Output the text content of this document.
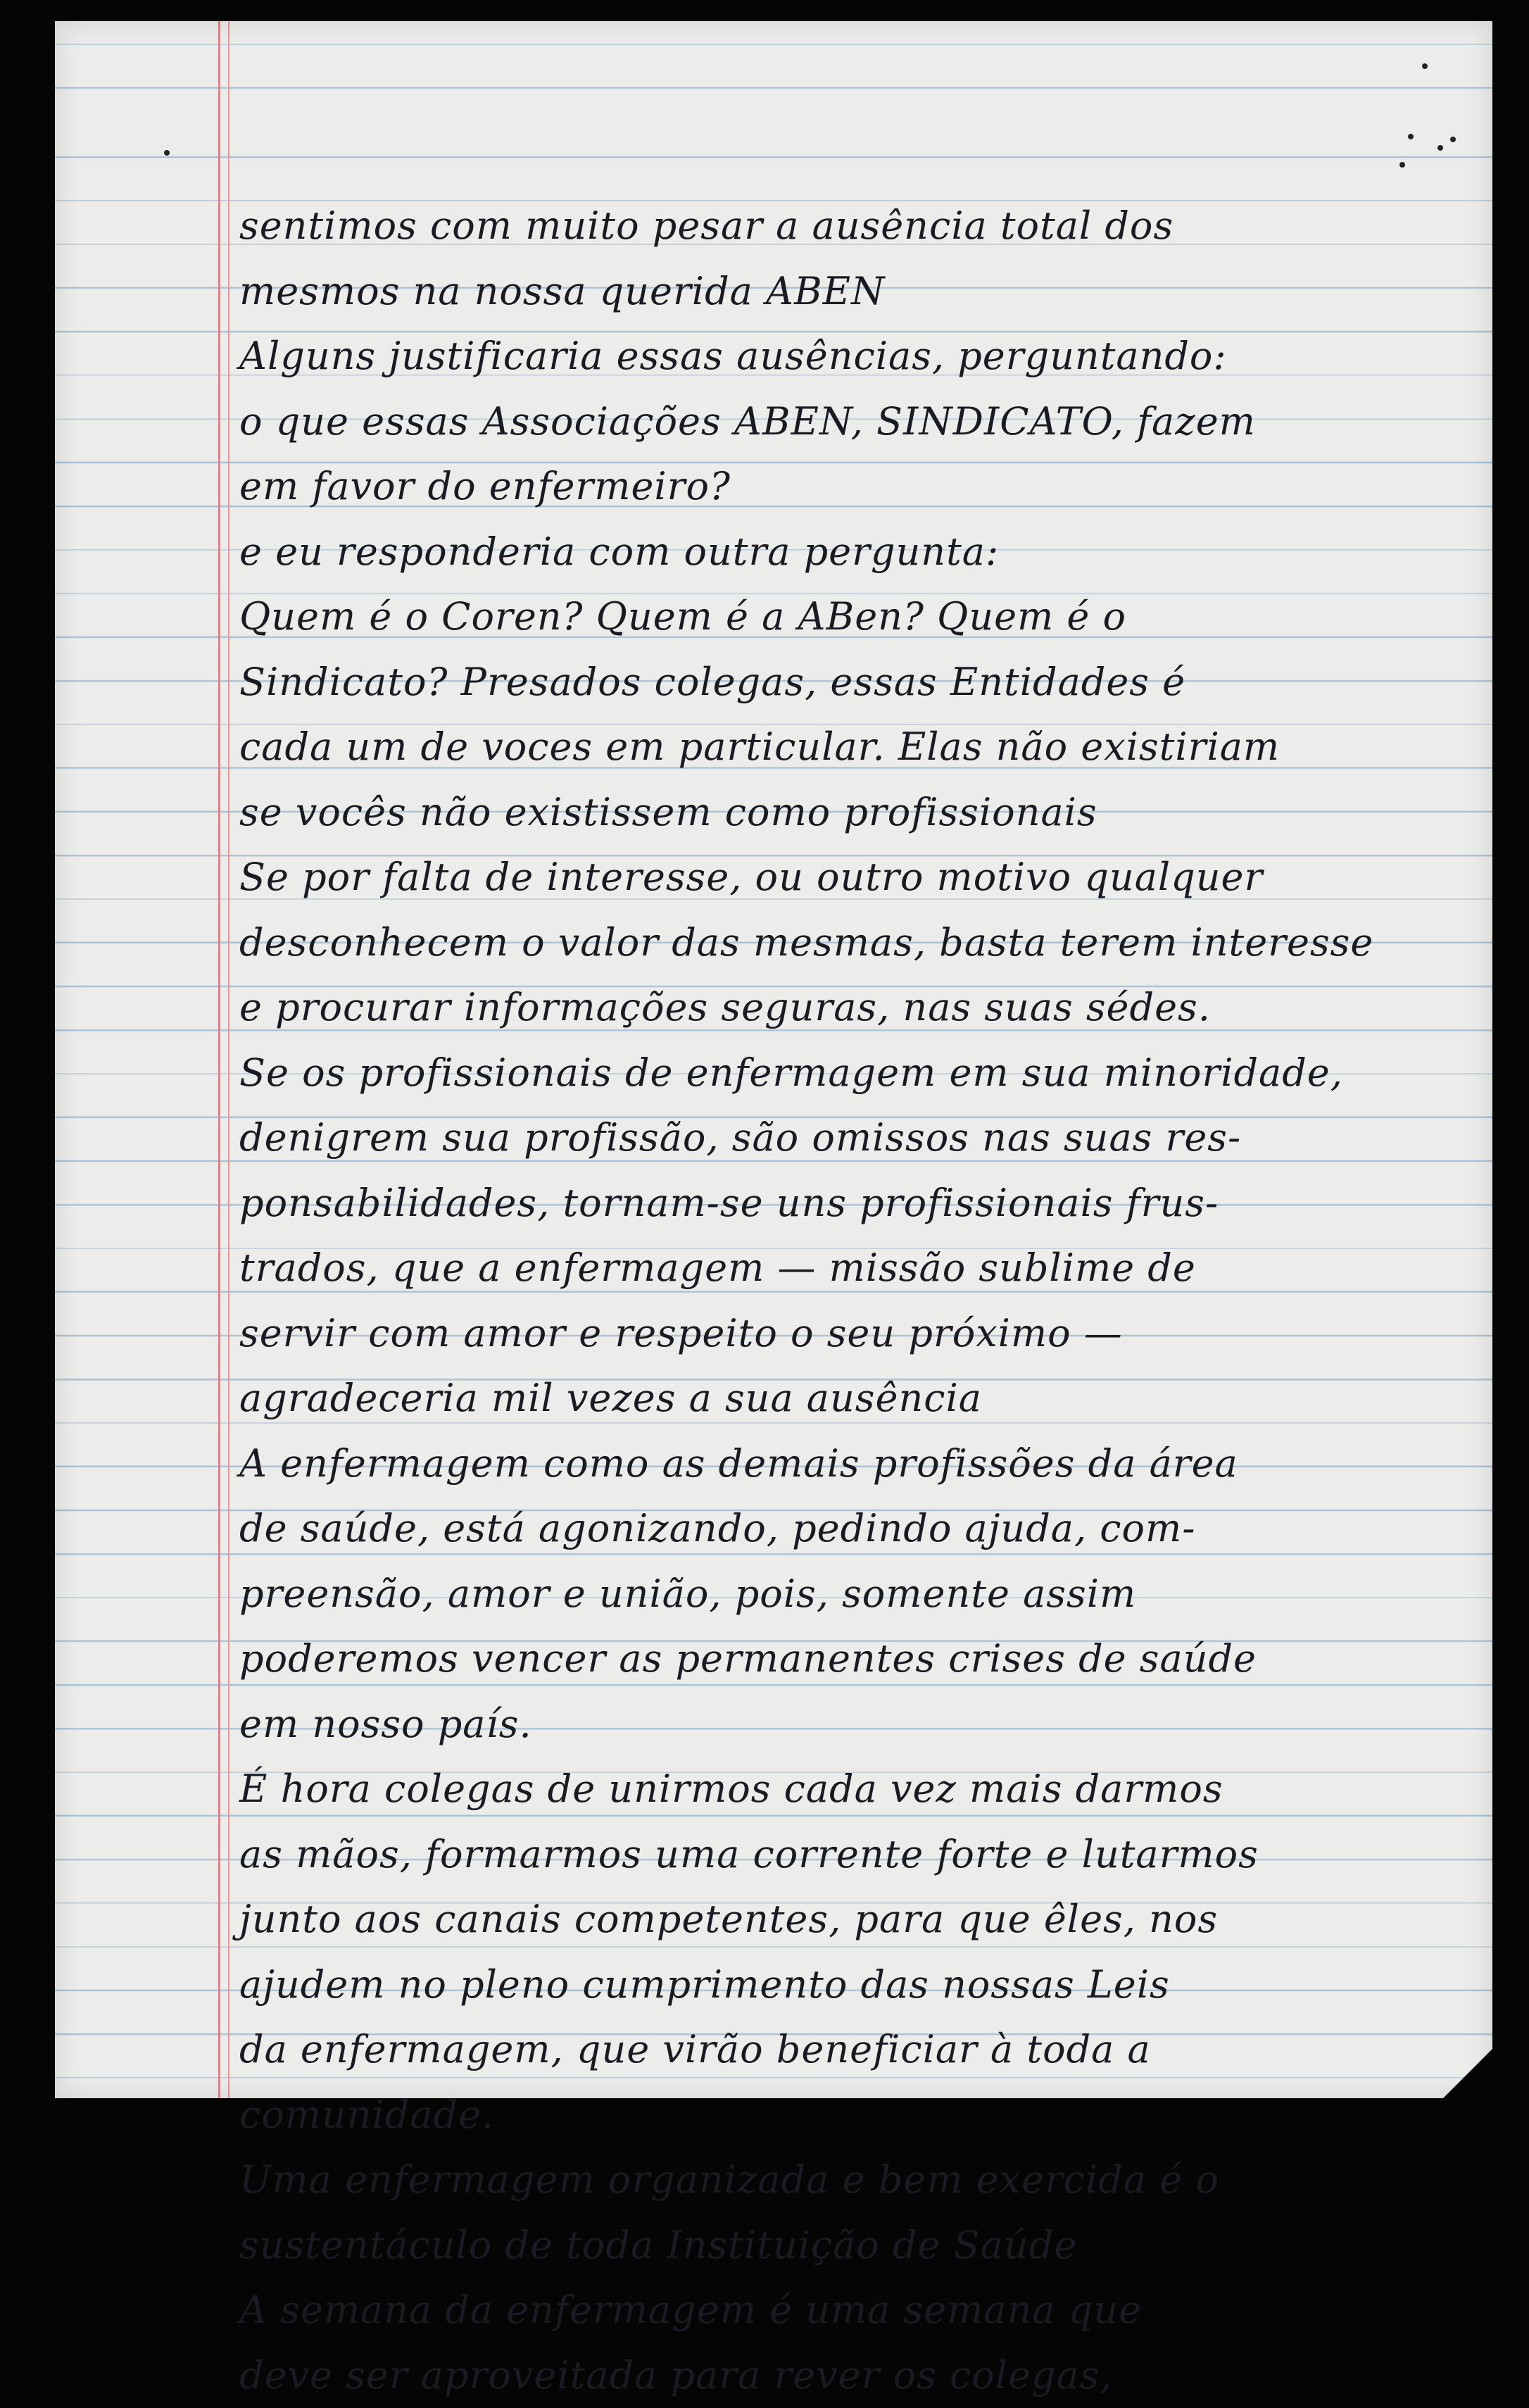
sentimos com muito pesar a ausência total dos
mesmos na nossa querida ABEN
Alguns justificaria essas ausências, perguntando:
o que essas Associações ABEN, SINDICATO, fazem
em favor do enfermeiro?
e eu responderia com outra pergunta:
Quem é o Coren? Quem é a ABen? Quem é o
Sindicato? Presados colegas, essas Entidades é
cada um de voces em particular. Elas não existiriam
se vocês não existissem como profissionais
Se por falta de interesse, ou outro motivo qualquer
desconhecem o valor das mesmas, basta terem interesse
e procurar informações seguras, nas suas sédes.
Se os profissionais de enfermagem em sua minoridade,
denigrem sua profissão, são omissos nas suas res-
ponsabilidades, tornam-se uns profissionais frus-
trados, que a enfermagem — missão sublime de
servir com amor e respeito o seu próximo —
agradeceria mil vezes a sua ausência
A enfermagem como as demais profissões da área
de saúde, está agonizando, pedindo ajuda, com-
preensão, amor e união, pois, somente assim
poderemos vencer as permanentes crises de saúde
em nosso país.
É hora colegas de unirmos cada vez mais darmos
as mãos, formarmos uma corrente forte e lutarmos
junto aos canais competentes, para que êles, nos
ajudem no pleno cumprimento das nossas Leis
da enfermagem, que virão beneficiar à toda a
comunidade.
Uma enfermagem organizada e bem exercida é o
sustentáculo de toda Instituição de Saúde
A semana da enfermagem é uma semana que
deve ser aproveitada para rever os colegas,
